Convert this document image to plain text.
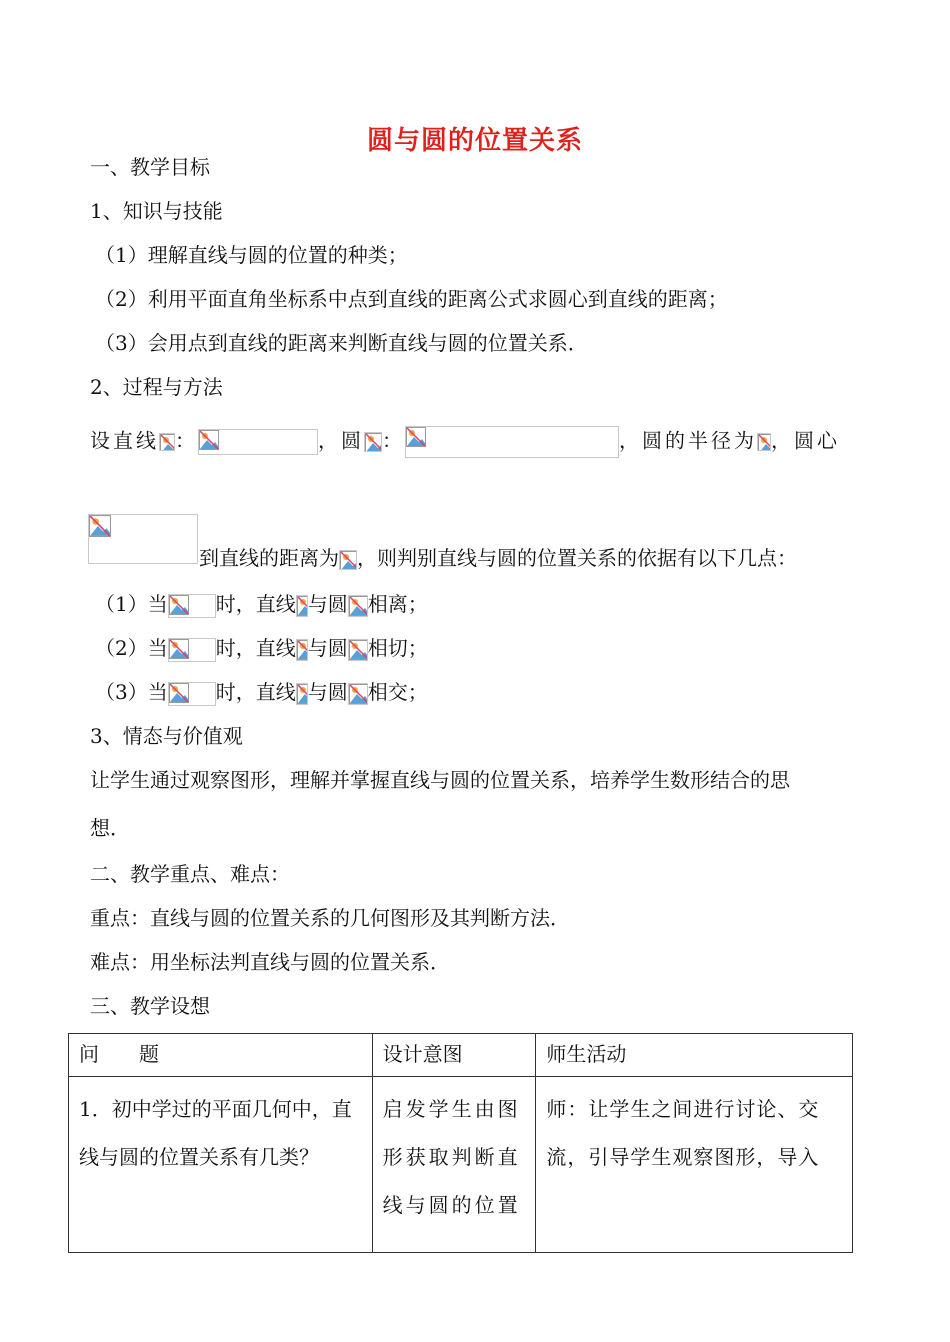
圆与圆的位置关系
一、教学目标
1、知识与技能
（1）理解直线与圆的位置的种类；
（2）利用平面直角坐标系中点到直线的距离公式求圆心到直线的距离；
（3）会用点到直线的距离来判断直线与圆的位置关系．
2、过程与方法
设直线 ：	，圆 ：	，圆的半径为 ，圆心
到直线的距离为 ，则判别直线与圆的位置关系的依据有以下几点：
（1）当 时，直线 与圆 相离；
（2）当 时，直线 与圆 相切；
（3）当 时，直线 与圆 相交；
3、情态与价值观
让学生通过观察图形，理解并掌握直线与圆的位置关系，培养学生数形结合的思
想．
二、教学重点、难点：
重点：直线与圆的位置关系的几何图形及其判断方法．
难点：用坐标法判直线与圆的位置关系．
三、教学设想
问　　题	设计意图	师生活动
1．初中学过的平面几何中，直线与圆的位置关系有几类？	启发学生由图形获取判断直线与圆的位置	师：让学生之间进行讨论、交流，引导学生观察图形，导入
